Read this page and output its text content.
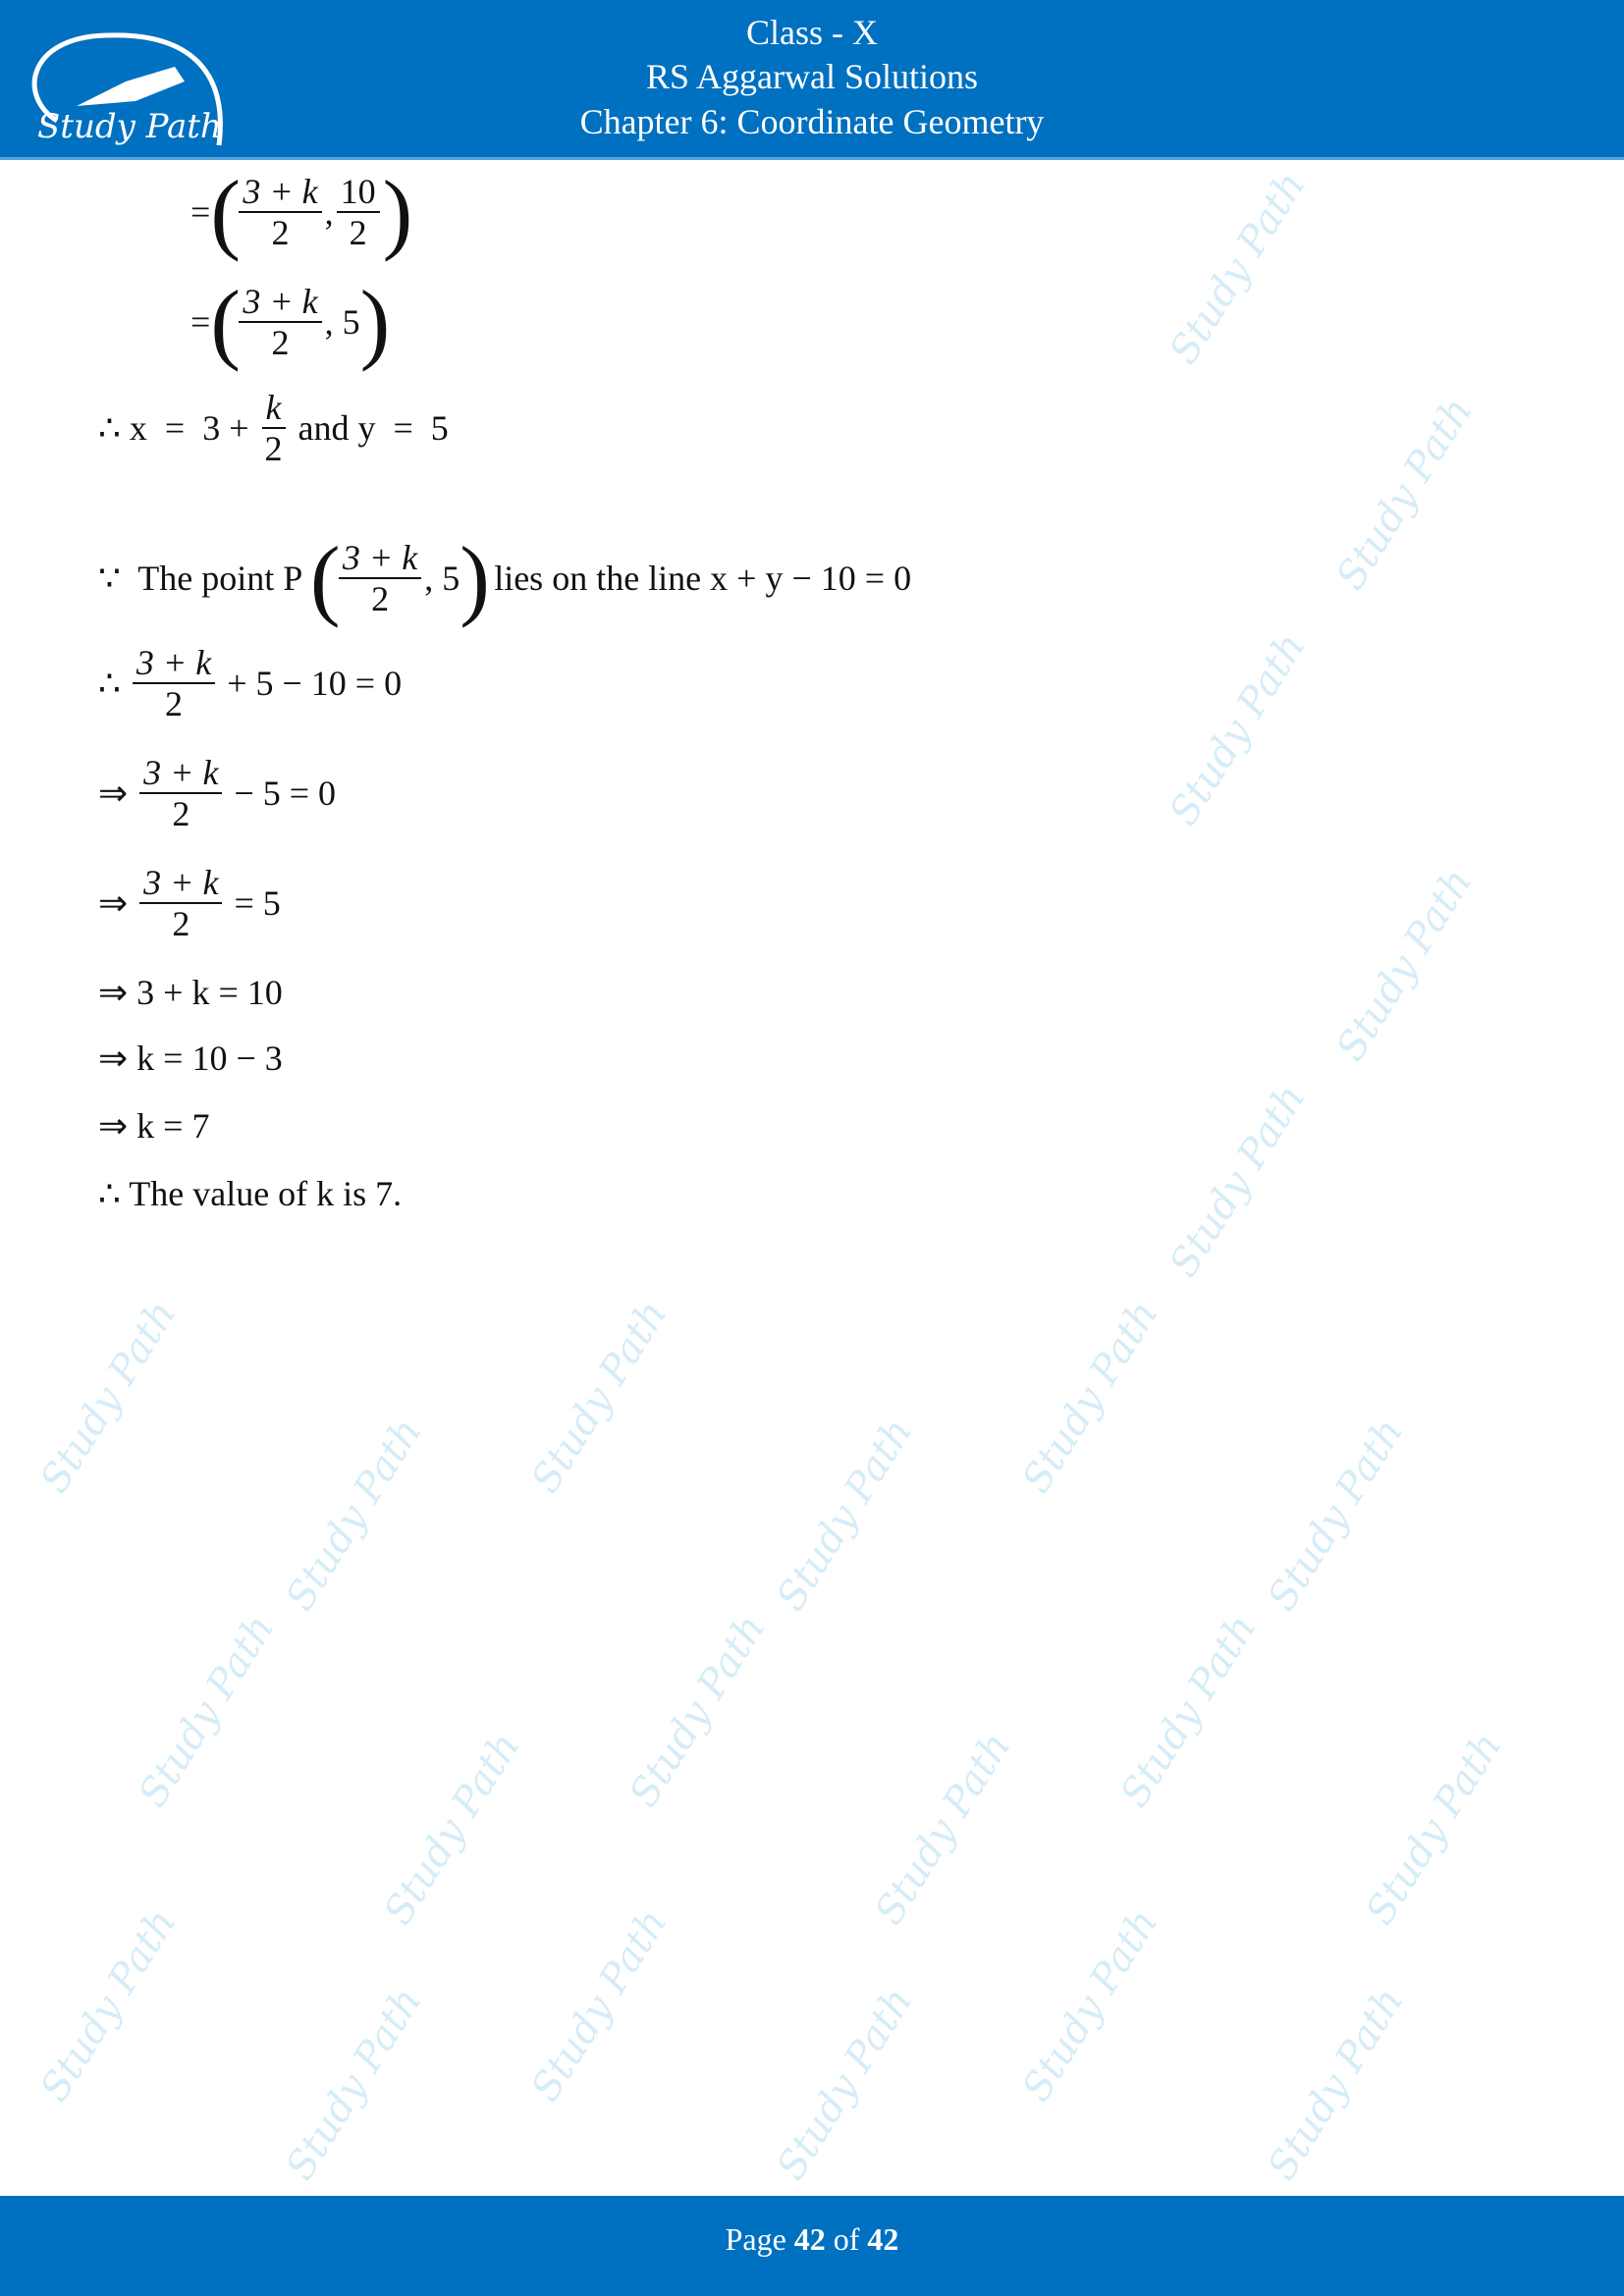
Study Path
Class - X
RS Aggarwal Solutions
Chapter 6: Coordinate Geometry
Study Path
Study Path
Study Path
Study Path
Study Path
Study Path
Study Path
Study Path
Study Path
Study Path
Study Path
Study Path
Study Path
Study Path
Study Path
Study Path
Study Path
Study Path Study Path Study Path Study Path Study Path Study Path
= (
$\frac{3 + k}{2}$ , $\frac{10}{2}$ )
= (
$\frac{3 + k}{2}$ , 5 )
∴ $x = 3 + \frac{k}{2}$ and y  =  5
∵  The point P (
$\frac{3 + k}{2}$ , 5 )
lies on the line x + y − 10 = 0
∴ $\frac{3 + k}{2} + 5 - 10 = 0$
⇒ $\frac{3 + k}{2} - 5 = 0$
⇒ $\frac{3 + k}{2} = 5$
⇒ 3 + k = 10
⇒ k = 10 − 3
⇒ k = 7
∴ The value of k is 7.
Page 42 of 42
